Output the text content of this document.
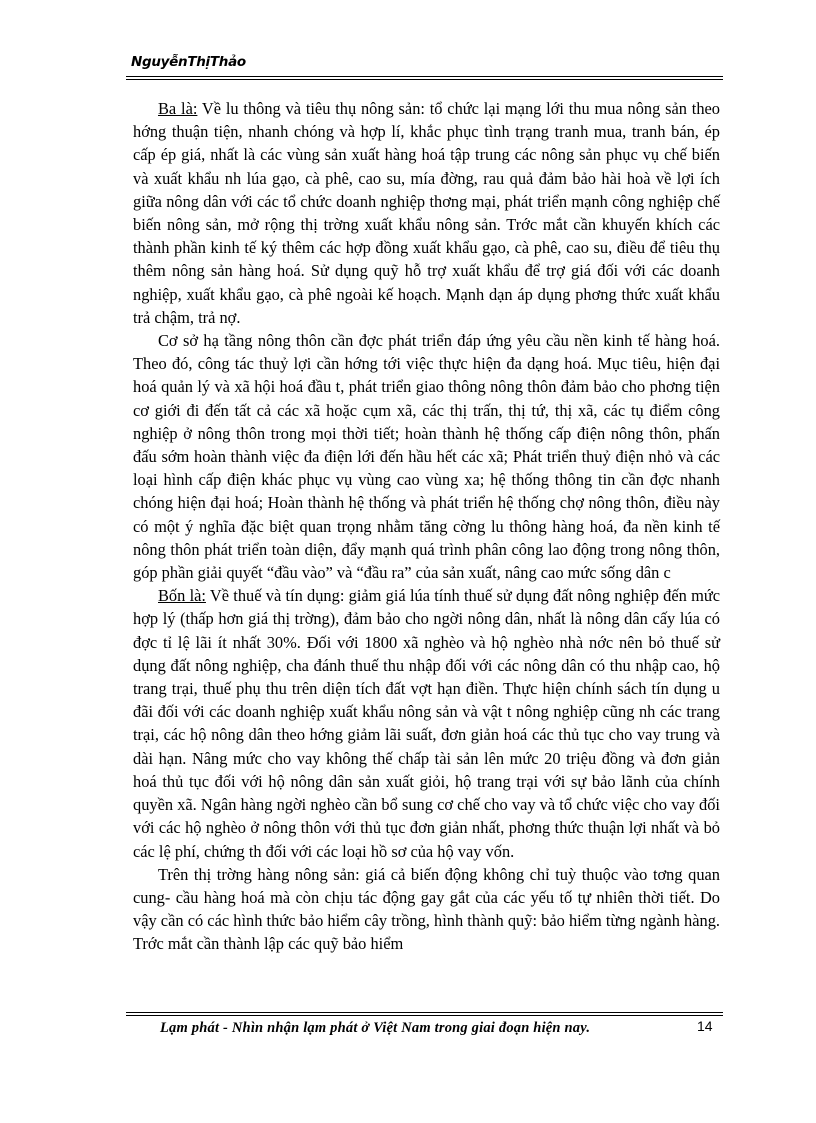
NguyễnThịThảo

Ba là: Về lu thông và tiêu thụ nông sản: tổ chức lại mạng lới thu mua nông sản theo hớng thuận tiện, nhanh chóng và hợp lí, khắc phục tình trạng tranh mua, tranh bán, ép cấp ép giá, nhất là các vùng sản xuất hàng hoá tập trung các nông sản phục vụ chế biến và xuất khẩu nh lúa gạo, cà phê, cao su, mía đờng, rau quả đảm bảo hài hoà về lợi ích giữa nông dân với các tổ chức doanh nghiệp thơng mại, phát triển mạnh công nghiệp chế biến nông sản, mở rộng thị trờng xuất khẩu nông sản. Trớc mắt cần khuyến khích các thành phần kinh tế ký thêm các hợp đồng xuất khẩu gạo, cà phê, cao su, điều để tiêu thụ thêm nông sản hàng hoá. Sử dụng quỹ hỗ trợ xuất khẩu để trợ giá đối với các doanh nghiệp, xuất khẩu gạo, cà phê ngoài kế hoạch. Mạnh dạn áp dụng phơng thức xuất khẩu trả chậm, trả nợ.

Cơ sở hạ tầng nông thôn cần đợc phát triển đáp ứng yêu cầu nền kinh tế hàng hoá. Theo đó, công tác thuỷ lợi cần hớng tới việc thực hiện đa dạng hoá. Mục tiêu, hiện đại hoá quản lý và xã hội hoá đầu t, phát triển giao thông nông thôn đảm bảo cho phơng tiện cơ giới đi đến tất cả các xã hoặc cụm xã, các thị trấn, thị tứ, thị xã, các tụ điểm công nghiệp ở nông thôn trong mọi thời tiết; hoàn thành hệ thống cấp điện nông thôn, phấn đấu sớm hoàn thành việc đa điện lới đến hầu hết các xã; Phát triển thuỷ điện nhỏ và các loại hình cấp điện khác phục vụ vùng cao vùng xa; hệ thống thông tin cần đợc nhanh chóng hiện đại hoá; Hoàn thành hệ thống và phát triển hệ thống chợ nông thôn, điều này có một ý nghĩa đặc biệt quan trọng nhằm tăng cờng lu thông hàng hoá, đa nền kinh tế nông thôn phát triển toàn diện, đẩy mạnh quá trình phân công lao động trong nông thôn, góp phần giải quyết “đầu vào” và “đầu ra” của sản xuất, nâng cao mức sống dân c

Bốn là: Về thuế và tín dụng: giảm giá lúa tính thuế sử dụng đất nông nghiệp đến mức hợp lý (thấp hơn giá thị trờng), đảm bảo cho ngời nông dân, nhất là nông dân cấy lúa có đợc tỉ lệ lãi ít nhất 30%. Đối với 1800 xã nghèo và hộ nghèo nhà nớc nên bỏ thuế sử dụng đất nông nghiệp, cha đánh thuế thu nhập đối với các nông dân có thu nhập cao, hộ trang trại, thuế phụ thu trên diện tích đất vợt hạn điền. Thực hiện chính sách tín dụng u đãi đối với các doanh nghiệp xuất khẩu nông sản và vật t nông nghiệp cũng nh các trang trại, các hộ nông dân theo hớng giảm lãi suất, đơn giản hoá các thủ tục cho vay trung và dài hạn. Nâng mức cho vay không thế chấp tài sản lên mức 20 triệu đồng và đơn giản hoá thủ tục đối với hộ nông dân sản xuất giỏi, hộ trang trại với sự bảo lãnh của chính quyền xã. Ngân hàng ngời nghèo cần bổ sung cơ chế cho vay và tổ chức việc cho vay đối với các hộ nghèo ở nông thôn với thủ tục đơn giản nhất, phơng thức thuận lợi nhất và bỏ các lệ phí, chứng th đối với các loại hồ sơ của hộ vay vốn.

Trên thị trờng hàng nông sản: giá cả biến động không chỉ tuỳ thuộc vào tơng quan cung- cầu hàng hoá mà còn chịu tác động gay gắt của các yếu tố tự nhiên thời tiết. Do vậy cần có các hình thức bảo hiểm cây trồng, hình thành quỹ: bảo hiểm từng ngành hàng. Trớc mắt cần thành lập các quỹ bảo hiểm

Lạm phát - Nhìn nhận lạm phát ở Việt Nam trong giai đoạn hiện nay.	14
